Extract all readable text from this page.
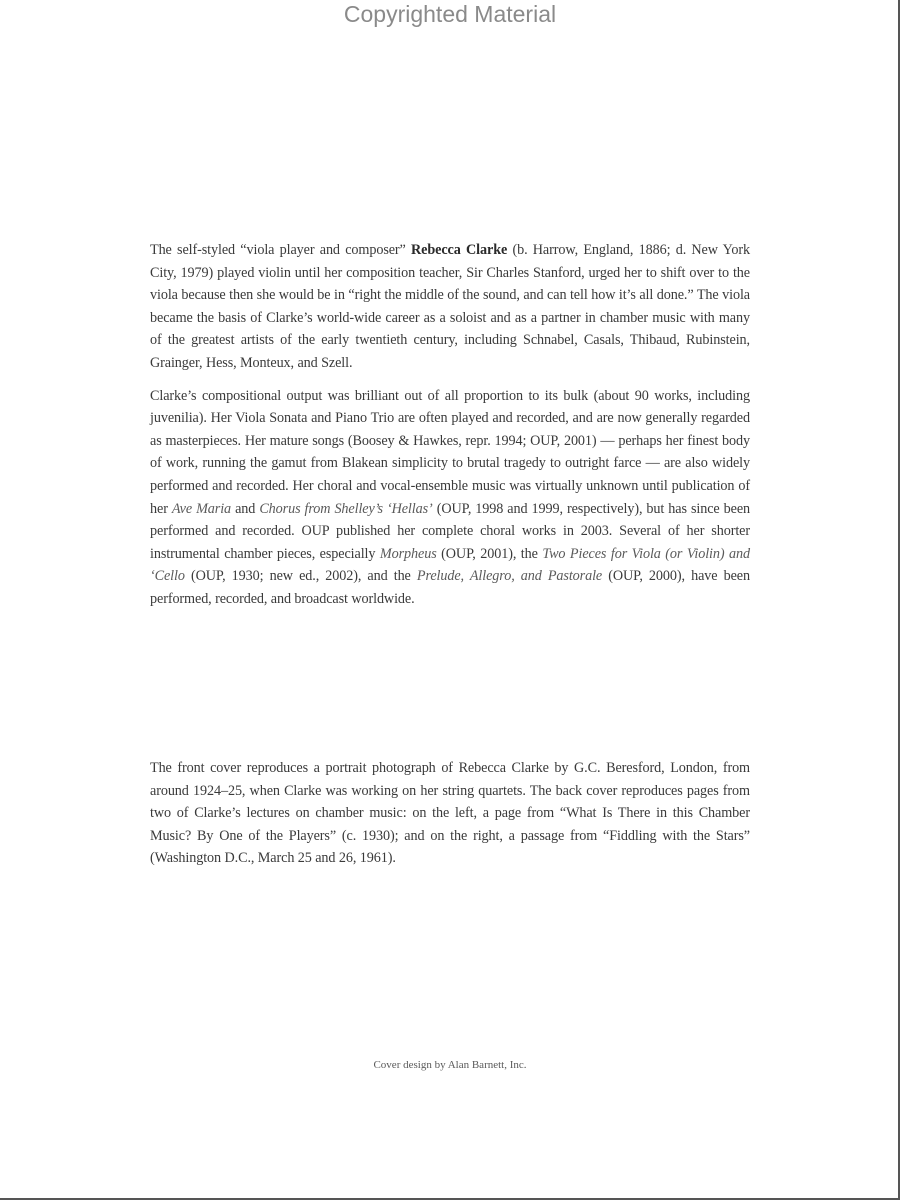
Copyrighted Material

The self-styled “viola player and composer” Rebecca Clarke (b. Harrow, England, 1886; d. New York City, 1979) played violin until her composition teacher, Sir Charles Stanford, urged her to shift over to the viola because then she would be in “right the middle of the sound, and can tell how it’s all done.” The viola became the basis of Clarke’s world-wide career as a soloist and as a partner in chamber music with many of the greatest artists of the early twentieth century, including Schnabel, Casals, Thibaud, Rubinstein, Grainger, Hess, Monteux, and Szell.

Clarke’s compositional output was brilliant out of all proportion to its bulk (about 90 works, including juvenilia). Her Viola Sonata and Piano Trio are often played and recorded, and are now generally regarded as masterpieces. Her mature songs (Boosey & Hawkes, repr. 1994; OUP, 2001) — perhaps her finest body of work, running the gamut from Blakean simplicity to brutal tragedy to outright farce — are also widely performed and recorded. Her choral and vocal-ensemble music was virtually unknown until publication of her Ave Maria and Chorus from Shelley’s ‘Hellas’ (OUP, 1998 and 1999, respectively), but has since been performed and recorded. OUP published her complete choral works in 2003. Several of her shorter instrumental chamber pieces, especially Morpheus (OUP, 2001), the Two Pieces for Viola (or Violin) and ‘Cello (OUP, 1930; new ed., 2002), and the Prelude, Allegro, and Pastorale (OUP, 2000), have been performed, recorded, and broadcast worldwide.

The front cover reproduces a portrait photograph of Rebecca Clarke by G.C. Beresford, London, from around 1924–25, when Clarke was working on her string quartets. The back cover reproduces pages from two of Clarke’s lectures on chamber music: on the left, a page from “What Is There in this Chamber Music? By One of the Players” (c. 1930); and on the right, a passage from “Fiddling with the Stars” (Washington D.C., March 25 and 26, 1961).

Cover design by Alan Barnett, Inc.
